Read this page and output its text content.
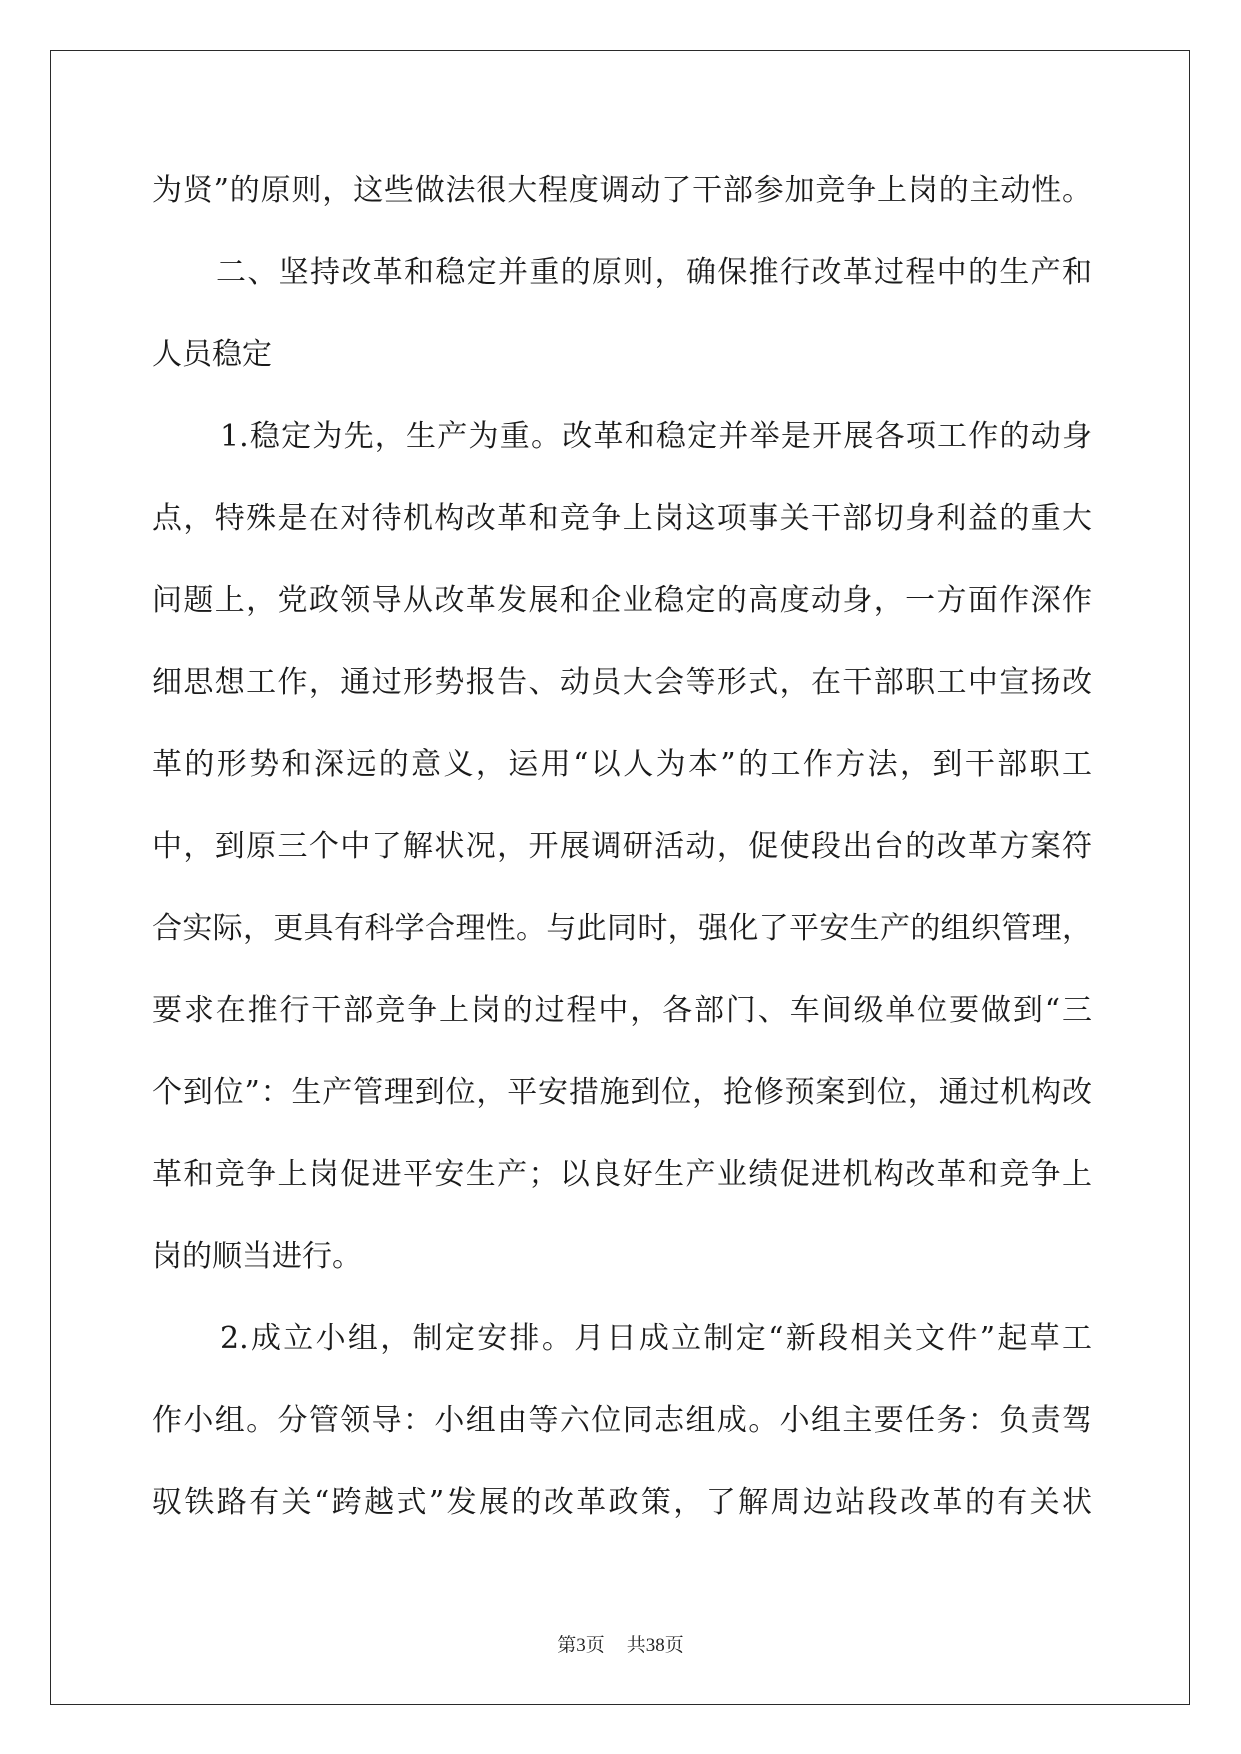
为贤”的原则，这些做法很大程度调动了干部参加竞争上岗的主动性。
二、坚持改革和稳定并重的原则，确保推行改革过程中的生产和
人员稳定
1.稳定为先，生产为重。改革和稳定并举是开展各项工作的动身
点，特殊是在对待机构改革和竞争上岗这项事关干部切身利益的重大
问题上，党政领导从改革发展和企业稳定的高度动身，一方面作深作
细思想工作，通过形势报告、动员大会等形式，在干部职工中宣扬改
革的形势和深远的意义，运用“以人为本”的工作方法，到干部职工
中，到原三个中了解状况，开展调研活动，促使段出台的改革方案符
合实际，更具有科学合理性。与此同时，强化了平安生产的组织管理，
要求在推行干部竞争上岗的过程中，各部门、车间级单位要做到“三
个到位”：生产管理到位，平安措施到位，抢修预案到位，通过机构改
革和竞争上岗促进平安生产；以良好生产业绩促进机构改革和竞争上
岗的顺当进行。
2.成立小组，制定安排。月日成立制定“新段相关文件”起草工
作小组。分管领导：小组由等六位同志组成。小组主要任务：负责驾
驭铁路有关“跨越式”发展的改革政策，了解周边站段改革的有关状
第3页 共38页
